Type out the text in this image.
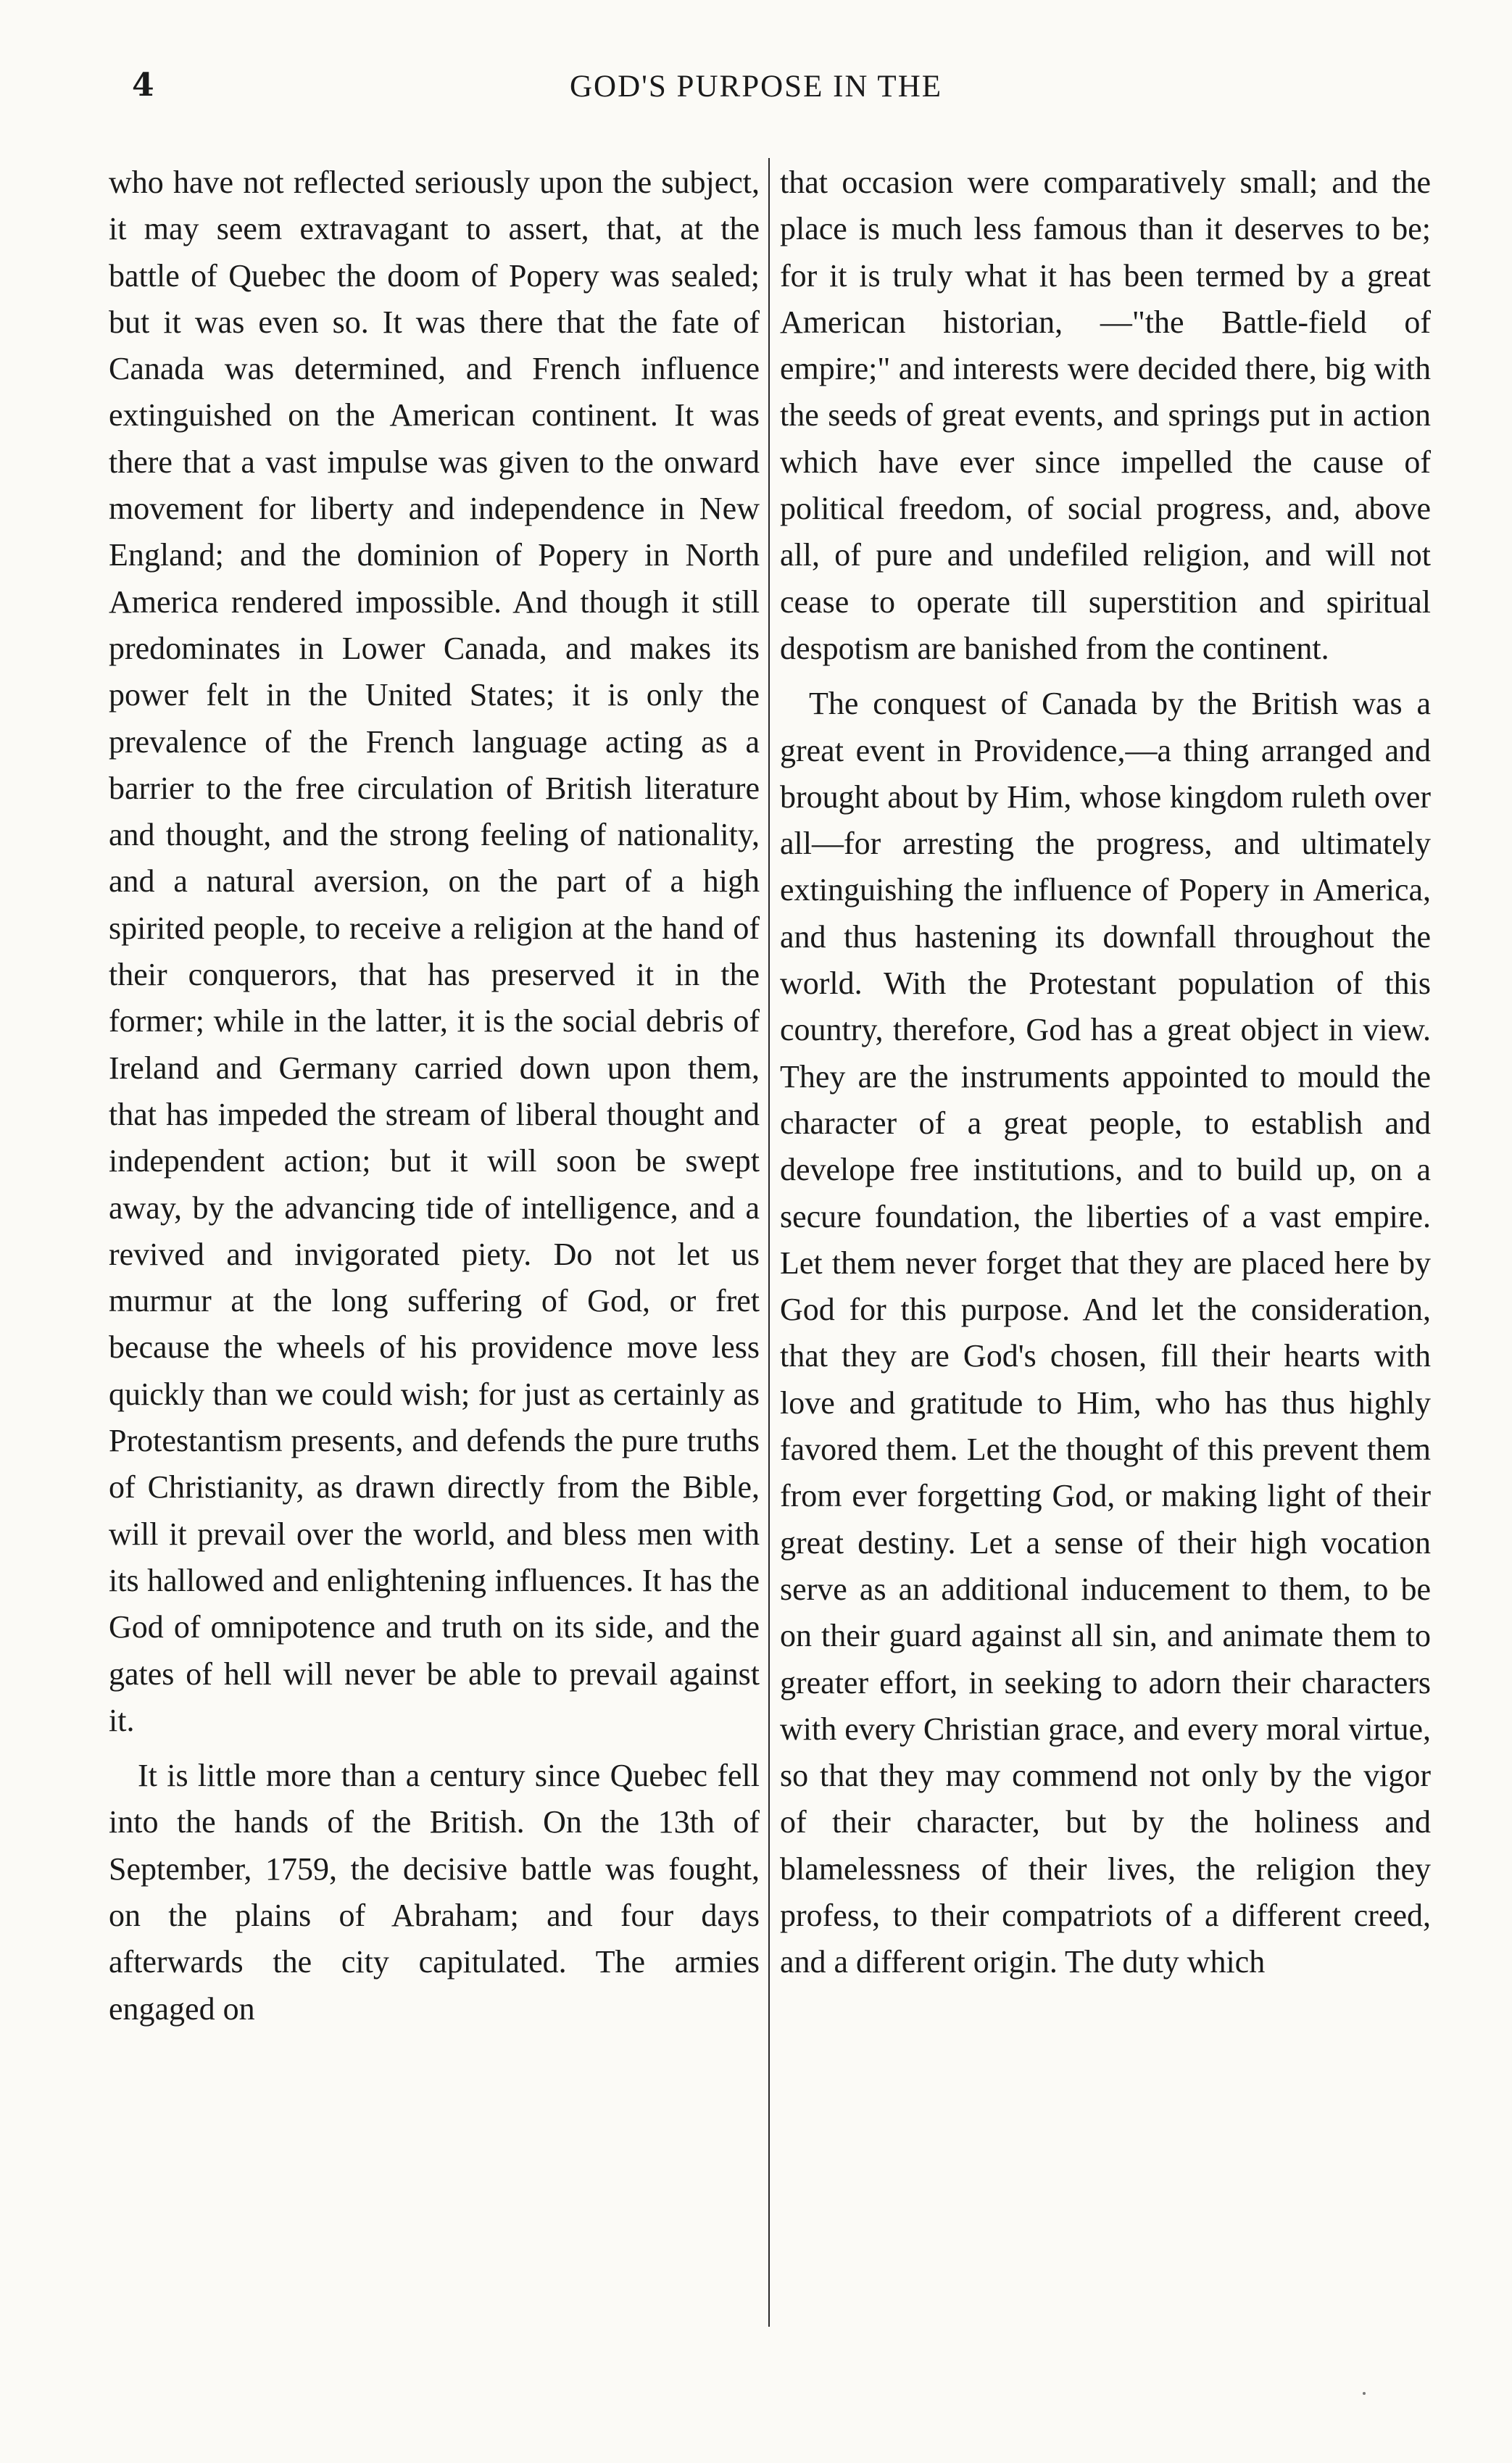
4	GOD'S PURPOSE IN THE

who have not reflected seriously upon the subject, it may seem extravagant to assert, that, at the battle of Quebec the doom of Popery was sealed; but it was even so. It was there that the fate of Canada was determined, and French influence extinguished on the American continent. It was there that a vast impulse was given to the onward movement for liberty and independence in New England; and the dominion of Popery in North America rendered impossible. And though it still predominates in Lower Canada, and makes its power felt in the United States; it is only the prevalence of the French language acting as a barrier to the free circulation of British literature and thought, and the strong feeling of nationality, and a natural aversion, on the part of a high spirited people, to receive a religion at the hand of their conquerors, that has preserved it in the former; while in the latter, it is the social debris of Ireland and Germany carried down upon them, that has impeded the stream of liberal thought and independent action; but it will soon be swept away, by the advancing tide of intelligence, and a revived and invigorated piety. Do not let us murmur at the long suffering of God, or fret because the wheels of his providence move less quickly than we could wish; for just as certainly as Protestantism presents, and defends the pure truths of Christianity, as drawn directly from the Bible, will it prevail over the world, and bless men with its hallowed and enlightening influences. It has the God of omnipotence and truth on its side, and the gates of hell will never be able to prevail against it.

It is little more than a century since Quebec fell into the hands of the British. On the 13th of September, 1759, the decisive battle was fought, on the plains of Abraham; and four days afterwards the city capitulated. The armies engaged on

that occasion were comparatively small; and the place is much less famous than it deserves to be; for it is truly what it has been termed by a great American historian, —"the Battle-field of empire;" and interests were decided there, big with the seeds of great events, and springs put in action which have ever since impelled the cause of political freedom, of social progress, and, above all, of pure and undefiled religion, and will not cease to operate till superstition and spiritual despotism are banished from the continent.

The conquest of Canada by the British was a great event in Providence,—a thing arranged and brought about by Him, whose kingdom ruleth over all—for arresting the progress, and ultimately extinguishing the influence of Popery in America, and thus hastening its downfall throughout the world. With the Protestant population of this country, therefore, God has a great object in view. They are the instruments appointed to mould the character of a great people, to establish and develope free institutions, and to build up, on a secure foundation, the liberties of a vast empire. Let them never forget that they are placed here by God for this purpose. And let the consideration, that they are God's chosen, fill their hearts with love and gratitude to Him, who has thus highly favored them. Let the thought of this prevent them from ever forgetting God, or making light of their great destiny. Let a sense of their high vocation serve as an additional inducement to them, to be on their guard against all sin, and animate them to greater effort, in seeking to adorn their characters with every Christian grace, and every moral virtue, so that they may commend not only by the vigor of their character, but by the holiness and blamelessness of their lives, the religion they profess, to their compatriots of a different creed, and a different origin. The duty which
